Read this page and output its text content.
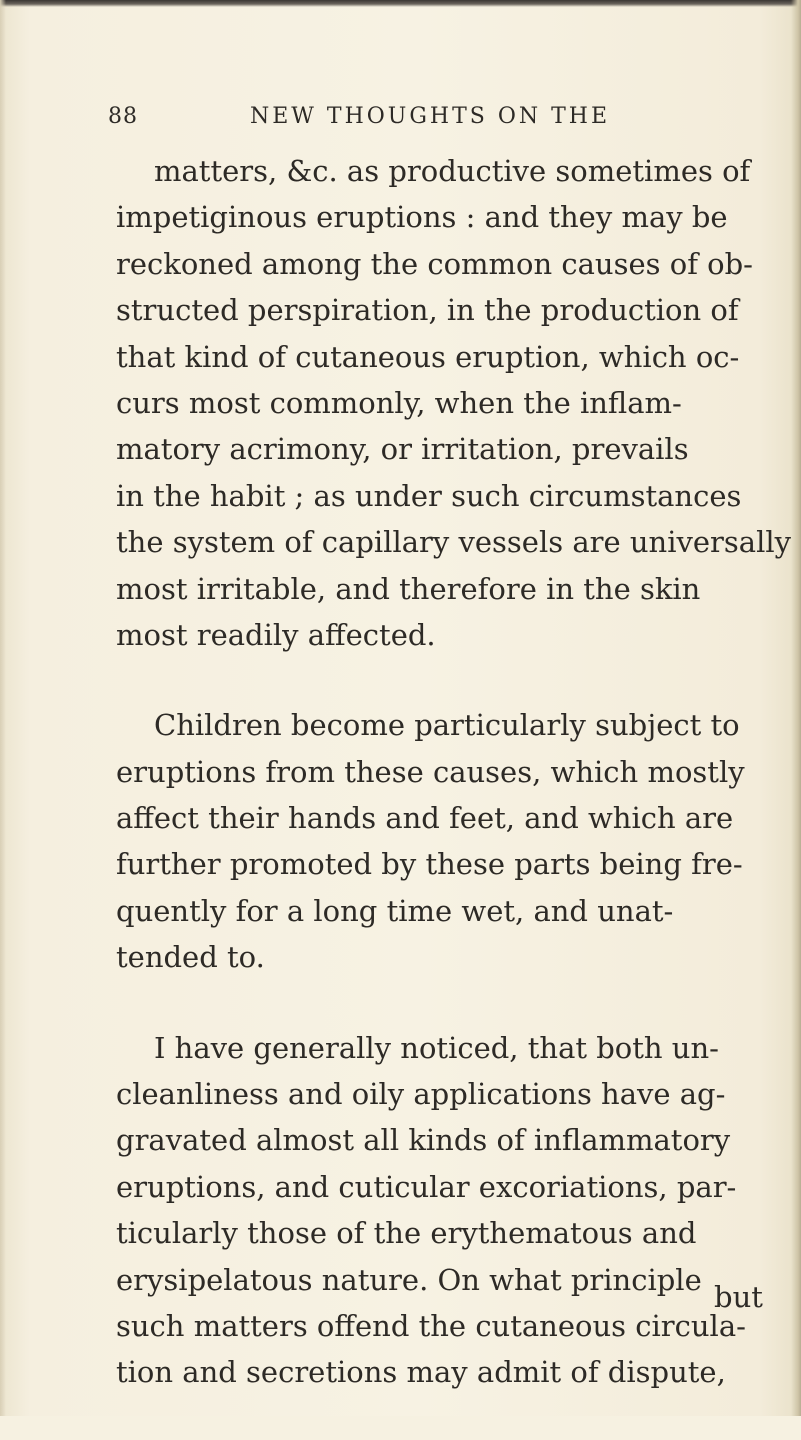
88	NEW THOUGHTS ON THE

matters, &c. as productive sometimes of
impetiginous eruptions : and they may be
reckoned among the common causes of ob-
structed perspiration, in the production of
that kind of cutaneous eruption, which oc-
curs most commonly, when the inflam-
matory acrimony, or irritation, prevails
in the habit ; as under such circumstances
the system of capillary vessels are universally
most irritable, and therefore in the skin
most readily affected.

Children become particularly subject to
eruptions from these causes, which mostly
affect their hands and feet, and which are
further promoted by these parts being fre-
quently for a long time wet, and unat-
tended to.

I have generally noticed, that both un-
cleanliness and oily applications have ag-
gravated almost all kinds of inflammatory
eruptions, and cuticular excoriations, par-
ticularly those of the erythematous and
erysipelatous nature. On what principle
such matters offend the cutaneous circula-
tion and secretions may admit of dispute,

but
